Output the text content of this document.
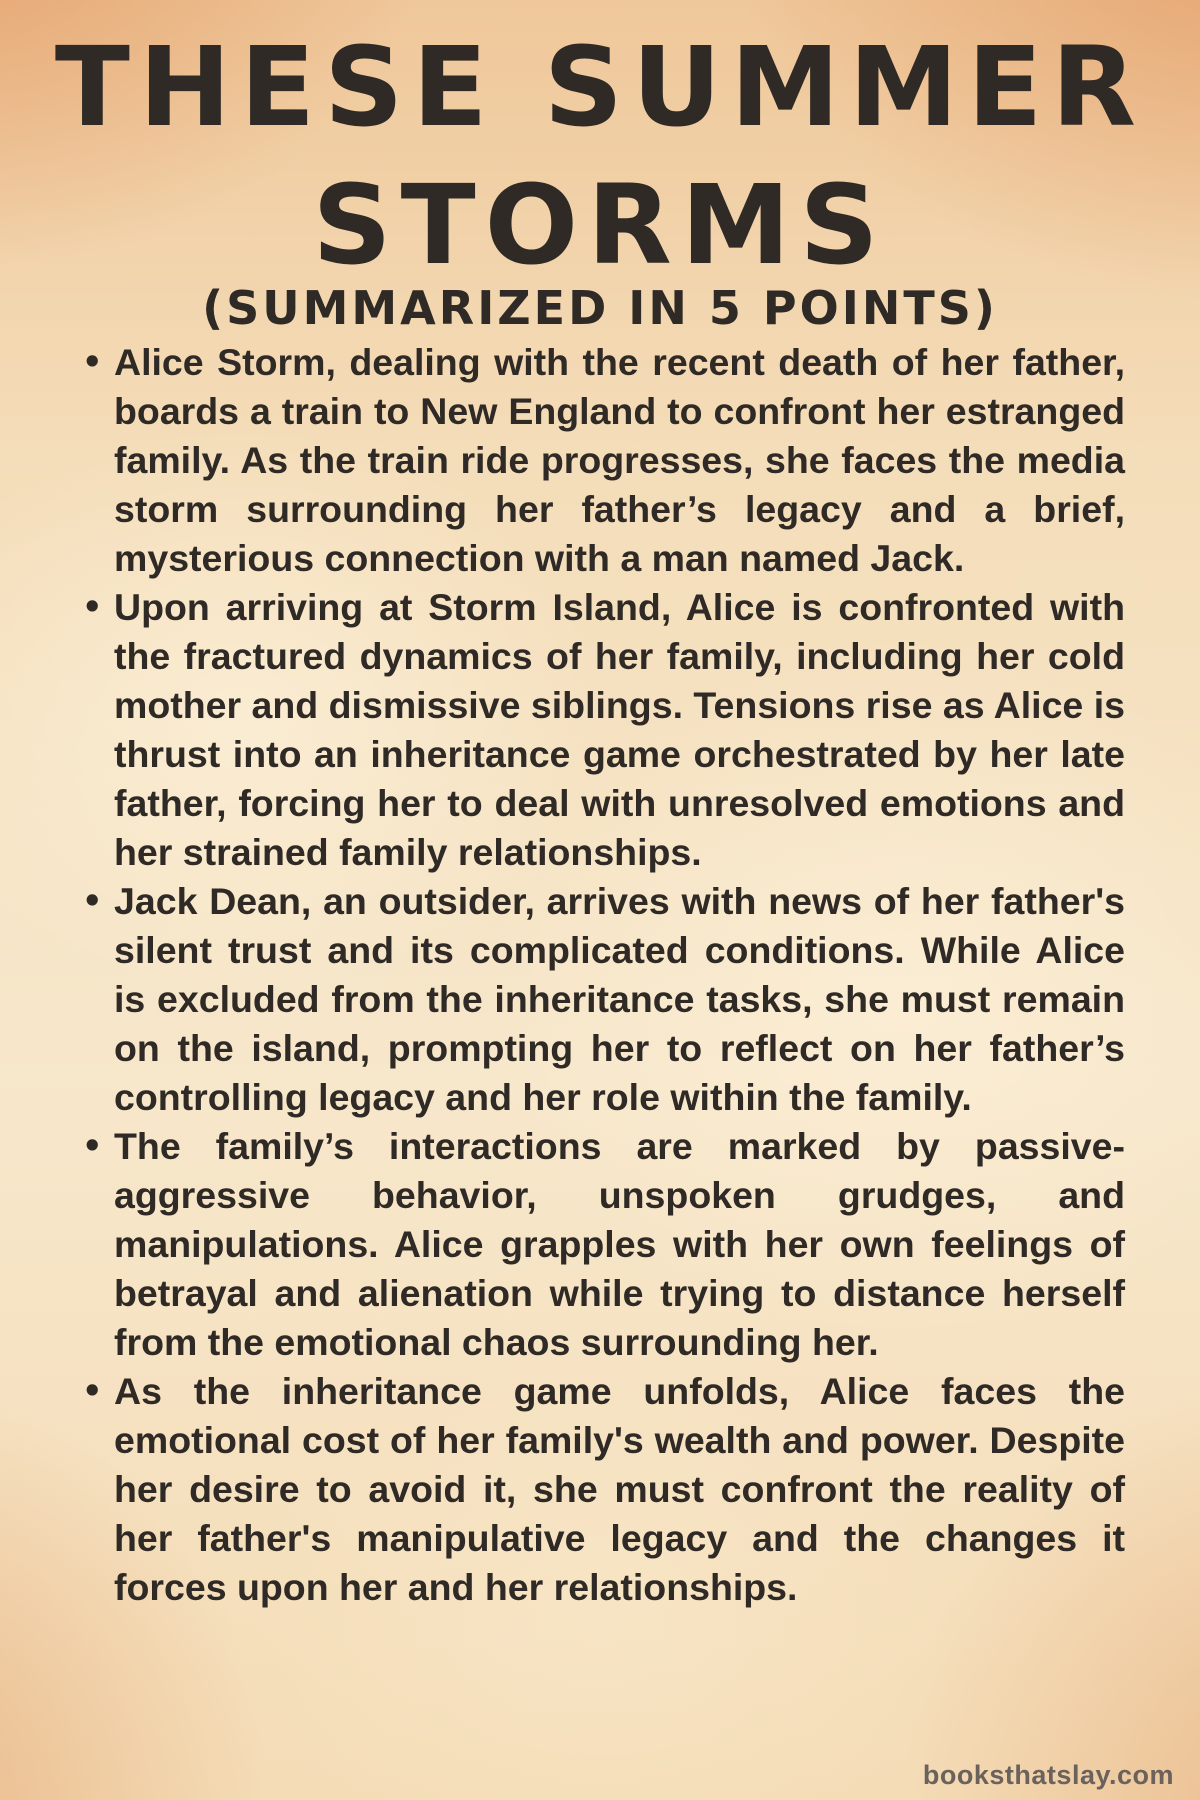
THESE SUMMER
STORMS
(SUMMARIZED IN 5 POINTS)
• Alice Storm, dealing with the recent death of her father, boards a train to New England to confront her estranged family. As the train ride progresses, she faces the media storm surrounding her father’s legacy and a brief, mysterious connection with a man named Jack.
• Upon arriving at Storm Island, Alice is confronted with the fractured dynamics of her family, including her cold mother and dismissive siblings. Tensions rise as Alice is thrust into an inheritance game orchestrated by her late father, forcing her to deal with unresolved emotions and her strained family relationships.
• Jack Dean, an outsider, arrives with news of her father's silent trust and its complicated conditions. While Alice is excluded from the inheritance tasks, she must remain on the island, prompting her to reflect on her father’s controlling legacy and her role within the family.
• The family’s interactions are marked by passive-aggressive behavior, unspoken grudges, and manipulations. Alice grapples with her own feelings of betrayal and alienation while trying to distance herself from the emotional chaos surrounding her.
• As the inheritance game unfolds, Alice faces the emotional cost of her family's wealth and power. Despite her desire to avoid it, she must confront the reality of her father's manipulative legacy and the changes it forces upon her and her relationships.
booksthatslay.com
